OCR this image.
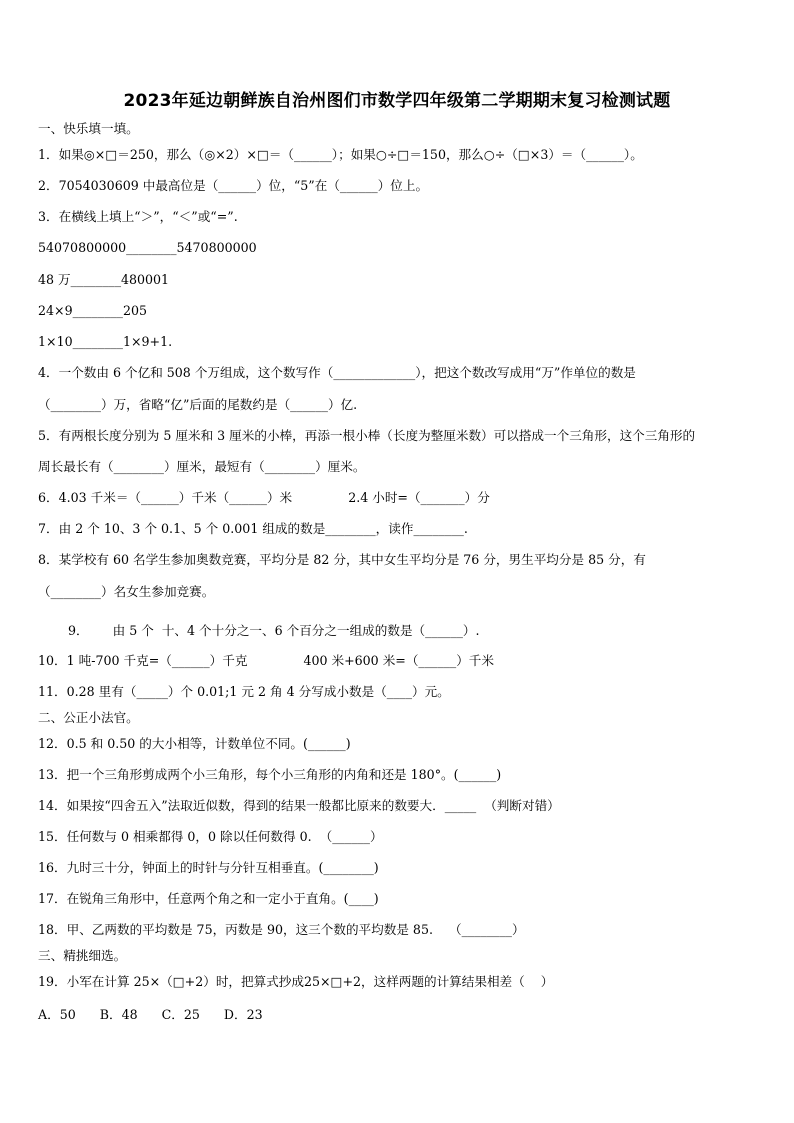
2023年延边朝鲜族自治州图们市数学四年级第二学期期末复习检测试题
一、快乐填一填。
1．如果◎×□＝250，那么（◎×2）×□＝（______）；如果○÷□＝150，那么○÷（□×3）＝（______）。
2．7054030609 中最高位是（______）位，“5”在（______）位上。
3．在横线上填上“＞”，“＜”或“=”.
54070800000________5470800000
48 万________480001
24×9________205
1×10________1×9+1.
4．一个数由 6 个亿和 508 个万组成，这个数写作（_____________），把这个数改写成用“万”作单位的数是
（________）万，省略“亿”后面的尾数约是（______）亿.
5．有两根长度分别为 5 厘米和 3 厘米的小棒，再添一根小棒（长度为整厘米数）可以搭成一个三角形，这个三角形的
周长最长有（________）厘米，最短有（________）厘米。
6．4.03 千米＝（______）千米（______）米              2.4 小时=（_______）分
7．由 2 个 10、3 个 0.1、5 个 0.001 组成的数是________，读作________.
8．某学校有 60 名学生参加奥数竞赛，平均分是 82 分，其中女生平均分是 76 分，男生平均分是 85 分，有
（________）名女生参加竞赛。
9．      由 5 个  十、4 个十分之一、6 个百分之一组成的数是（______）.
10．1 吨-700 千克=（______）千克              400 米+600 米=（______）千米
11．0.28 里有（_____）个 0.01;1 元 2 角 4 分写成小数是（____）元。
二、公正小法官。
12．0.5 和 0.50 的大小相等，计数单位不同。(______)
13．把一个三角形剪成两个小三角形，每个小三角形的内角和还是 180°。(______)
14．如果按“四舍五入”法取近似数，得到的结果一般都比原来的数要大．_____  （判断对错）
15．任何数与 0 相乘都得 0，0 除以任何数得 0.  （______）
16．九时三十分，钟面上的时针与分针互相垂直。(________)
17．在锐角三角形中，任意两个角之和一定小于直角。(____)
18．甲、乙两数的平均数是 75，丙数是 90，这三个数的平均数是 85.    （________）
三、精挑细选。
19．小军在计算 25×（□+2）时，把算式抄成25×□+2，这样两题的计算结果相差（    ）
A．50      B．48      C．25      D．23
